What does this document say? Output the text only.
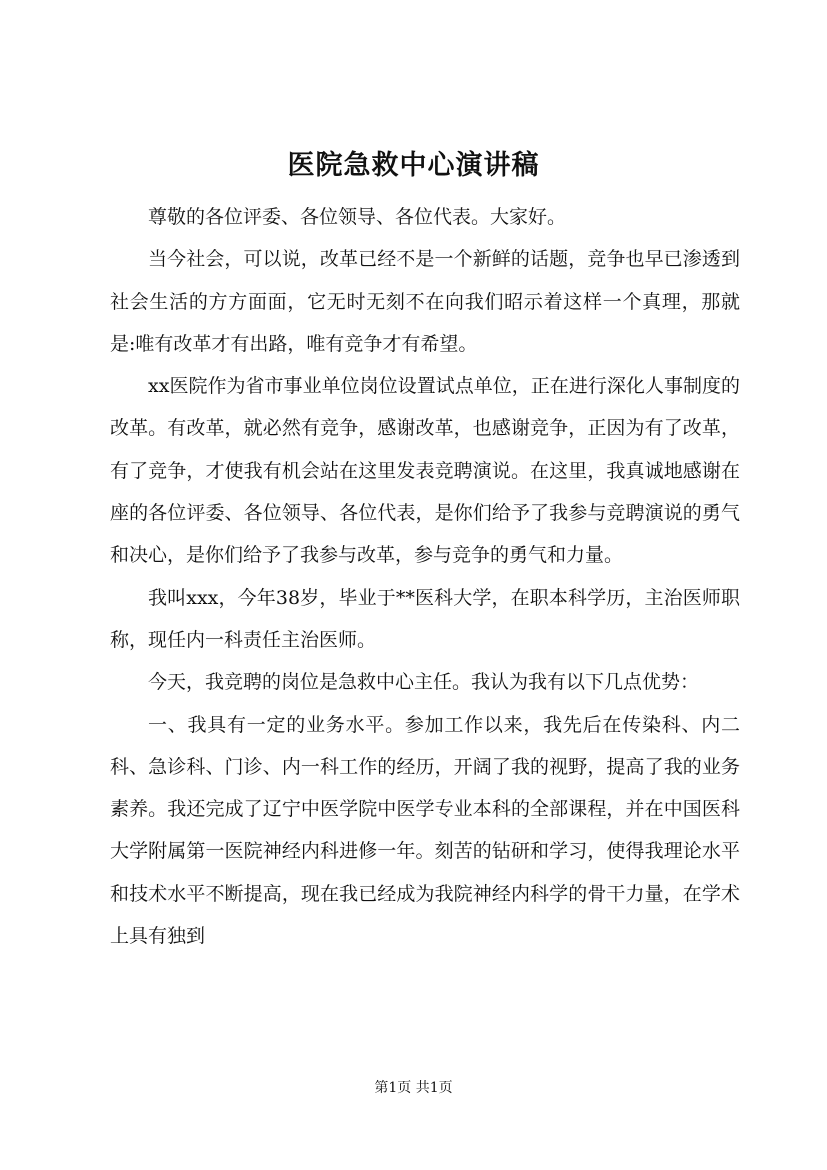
医院急救中心演讲稿

尊敬的各位评委、各位领导、各位代表。大家好。

当今社会，可以说，改革已经不是一个新鲜的话题，竞争也早已渗透到社会生活的方方面面，它无时无刻不在向我们昭示着这样一个真理，那就是:唯有改革才有出路，唯有竞争才有希望。

xx医院作为省市事业单位岗位设置试点单位，正在进行深化人事制度的改革。有改革，就必然有竞争，感谢改革，也感谢竞争，正因为有了改革，有了竞争，才使我有机会站在这里发表竞聘演说。在这里，我真诚地感谢在座的各位评委、各位领导、各位代表，是你们给予了我参与竞聘演说的勇气和决心，是你们给予了我参与改革，参与竞争的勇气和力量。

我叫xxx，今年38岁，毕业于**医科大学，在职本科学历，主治医师职称，现任内一科责任主治医师。

今天，我竞聘的岗位是急救中心主任。我认为我有以下几点优势：

一、我具有一定的业务水平。参加工作以来，我先后在传染科、内二科、急诊科、门诊、内一科工作的经历，开阔了我的视野，提高了我的业务素养。我还完成了辽宁中医学院中医学专业本科的全部课程，并在中国医科大学附属第一医院神经内科进修一年。刻苦的钻研和学习，使得我理论水平和技术水平不断提高，现在我已经成为我院神经内科学的骨干力量，在学术上具有独到

第1页 共1页
